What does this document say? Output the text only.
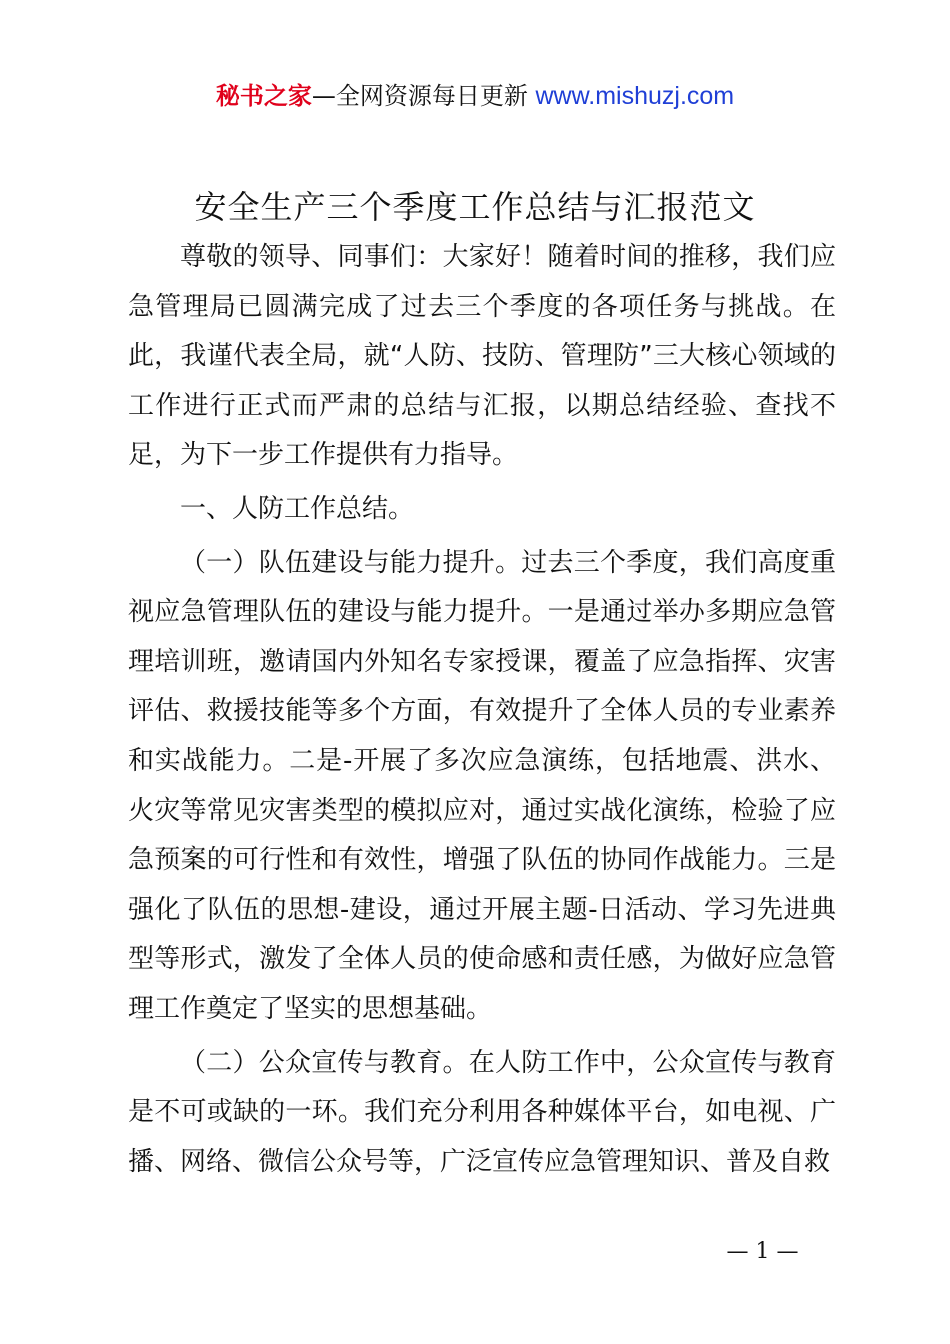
秘书之家—全网资源每日更新 www.mishuzj.com
安全生产三个季度工作总结与汇报范文

尊敬的领导、同事们：大家好！随着时间的推移，我们应急管理局已圆满完成了过去三个季度的各项任务与挑战。在此，我谨代表全局，就“人防、技防、管理防”三大核心领域的工作进行正式而严肃的总结与汇报，以期总结经验、查找不足，为下一步工作提供有力指导。

一、人防工作总结。

（一）队伍建设与能力提升。过去三个季度，我们高度重视应急管理队伍的建设与能力提升。一是通过举办多期应急管理培训班，邀请国内外知名专家授课，覆盖了应急指挥、灾害评估、救援技能等多个方面，有效提升了全体人员的专业素养和实战能力。二是-开展了多次应急演练，包括地震、洪水、火灾等常见灾害类型的模拟应对，通过实战化演练，检验了应急预案的可行性和有效性，增强了队伍的协同作战能力。三是强化了队伍的思想-建设，通过开展主题-日活动、学习先进典型等形式，激发了全体人员的使命感和责任感，为做好应急管理工作奠定了坚实的思想基础。

（二）公众宣传与教育。在人防工作中，公众宣传与教育是不可或缺的一环。我们充分利用各种媒体平台，如电视、广播、网络、微信公众号等，广泛宣传应急管理知识、普及自救

— 1 —
